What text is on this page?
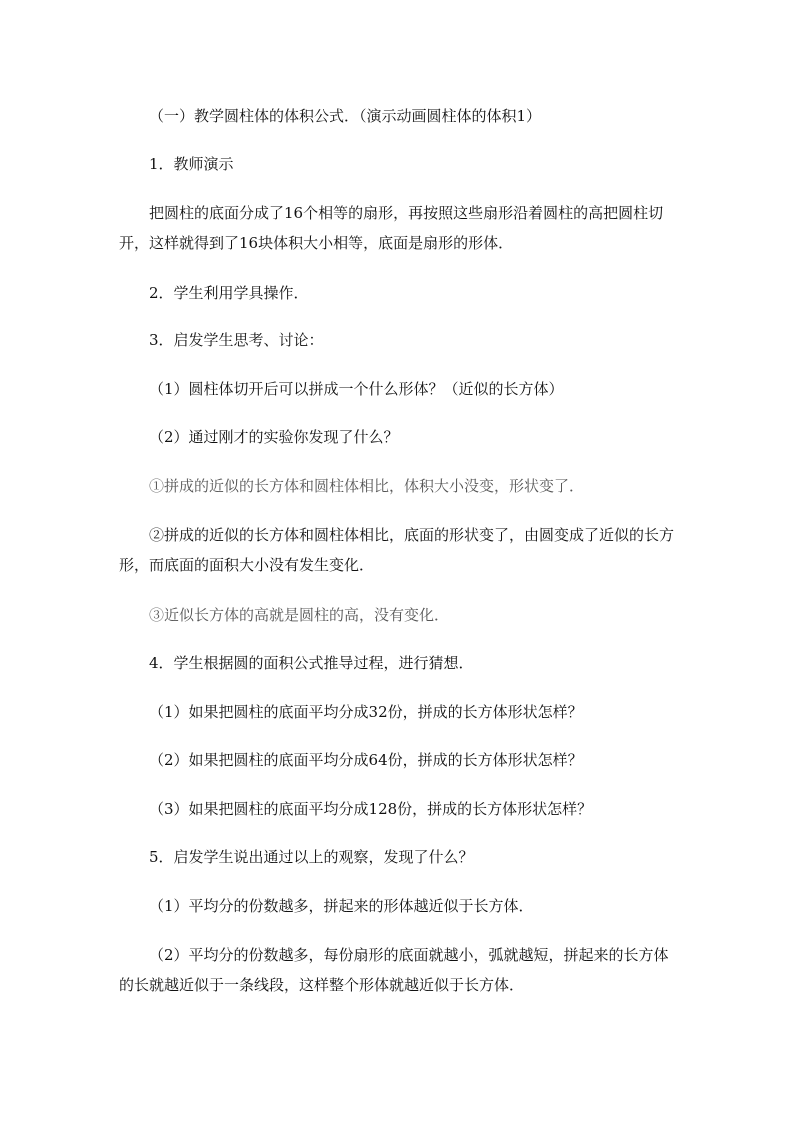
（一）教学圆柱体的体积公式．（演示动画圆柱体的体积1）
1．教师演示
把圆柱的底面分成了16个相等的扇形，再按照这些扇形沿着圆柱的高把圆柱切开，这样就得到了16块体积大小相等，底面是扇形的形体．
2．学生利用学具操作．
3．启发学生思考、讨论：
（1）圆柱体切开后可以拼成一个什么形体？（近似的长方体）
（2）通过刚才的实验你发现了什么？
①拼成的近似的长方体和圆柱体相比，体积大小没变，形状变了．
②拼成的近似的长方体和圆柱体相比，底面的形状变了，由圆变成了近似的长方形，而底面的面积大小没有发生变化．
③近似长方体的高就是圆柱的高，没有变化．
4．学生根据圆的面积公式推导过程，进行猜想．
（1）如果把圆柱的底面平均分成32份，拼成的长方体形状怎样？
（2）如果把圆柱的底面平均分成64份，拼成的长方体形状怎样？
（3）如果把圆柱的底面平均分成128份，拼成的长方体形状怎样？
5．启发学生说出通过以上的观察，发现了什么？
（1）平均分的份数越多，拼起来的形体越近似于长方体．
（2）平均分的份数越多，每份扇形的底面就越小，弧就越短，拼起来的长方体的长就越近似于一条线段，这样整个形体就越近似于长方体．
